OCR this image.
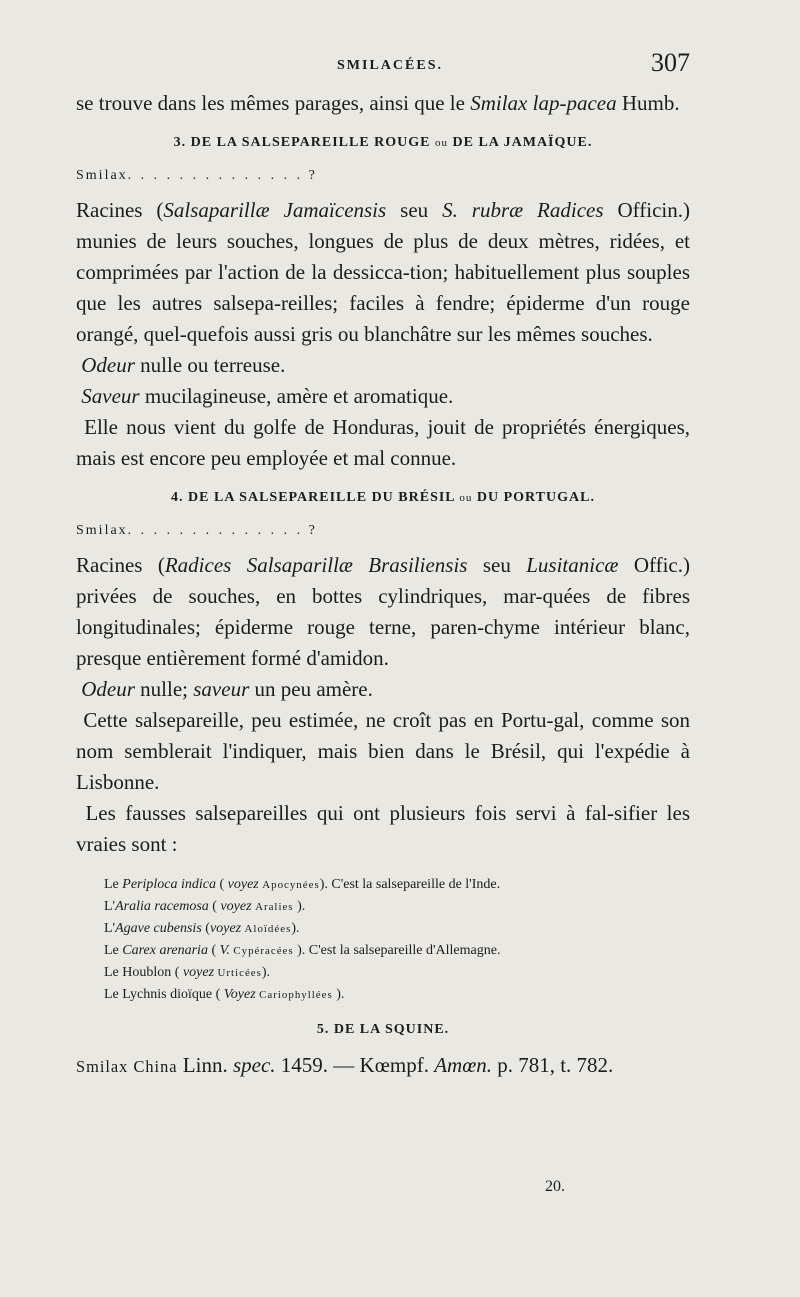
SMILACÉES.	307

se trouve dans les mêmes parages, ainsi que le Smilax lap-pacea Humb.

3. DE LA SALSEPAREILLE ROUGE ou DE LA JAMAÏQUE.
Smilax. . . . . . . . . . . . . . ?

Racines (Salsaparillæ Jamaïcensis seu S. rubræ Radices Officin.) munies de leurs souches, longues de plus de deux mètres, ridées, et comprimées par l'action de la dessicca-tion; habituellement plus souples que les autres salsepa-reilles; faciles à fendre; épiderme d'un rouge orangé, quel-quefois aussi gris ou blanchâtre sur les mêmes souches.

Odeur nulle ou terreuse.

Saveur mucilagineuse, amère et aromatique.

Elle nous vient du golfe de Honduras, jouit de propriétés énergiques, mais est encore peu employée et mal connue.

4. DE LA SALSEPAREILLE DU BRÉSIL ou DU PORTUGAL.
Smilax. . . . . . . . . . . . . . ?

Racines (Radices Salsaparillæ Brasiliensis seu Lusitanicæ Offic.) privées de souches, en bottes cylindriques, mar-quées de fibres longitudinales; épiderme rouge terne, paren-chyme intérieur blanc, presque entièrement formé d'amidon.

Odeur nulle; saveur un peu amère.

Cette salsepareille, peu estimée, ne croît pas en Portu-gal, comme son nom semblerait l'indiquer, mais bien dans le Brésil, qui l'expédie à Lisbonne.

Les fausses salsepareilles qui ont plusieurs fois servi à fal-sifier les vraies sont :

Le Periploca indica ( voyez Apocynées). C'est la salsepareille de l'Inde.
L'Aralia racemosa ( voyez Aralies ).
L'Agave cubensis (voyez Aloïdées).
Le Carex arenaria ( V. Cypéracées ). C'est la salsepareille d'Allemagne.
Le Houblon ( voyez Urticées).
Le Lychnis dioïque ( Voyez Cariophyllées ).
5. DE LA SQUINE.

Smilax China Linn. spec. 1459. — Kœmpf. Amœn. p. 781, t. 782.

20.
